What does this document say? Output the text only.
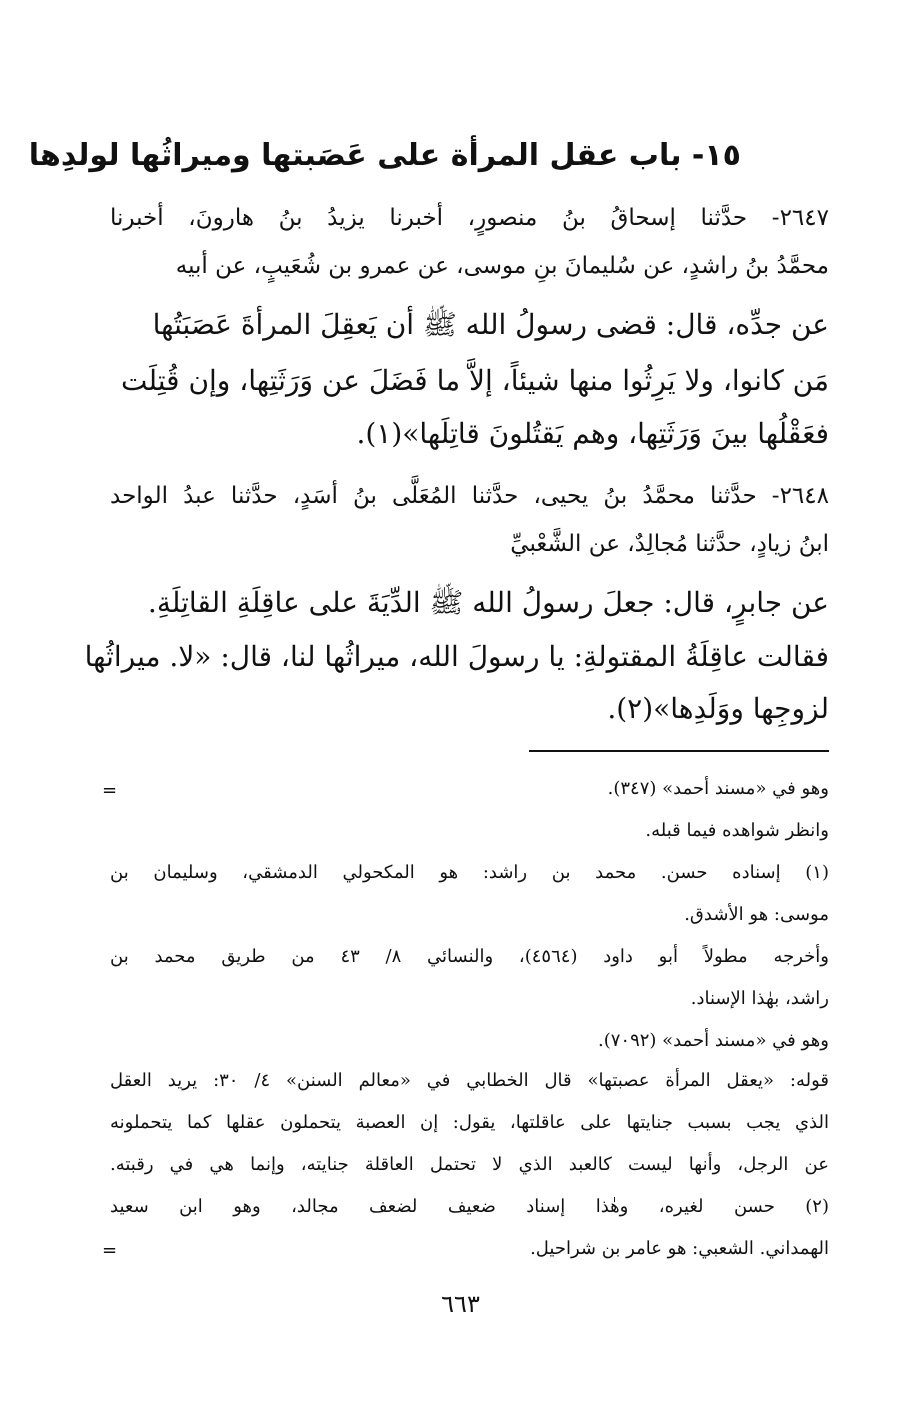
١٥- باب عقل المرأة على عَصَبتها وميراثُها لولدِها
٢٦٤٧- حدَّثنا إسحاقُ بنُ منصورٍ، أخبرنا يزيدُ بنُ هارونَ، أخبرنا
محمَّدُ بنُ راشدٍ، عن سُليمانَ بنِ موسى، عن عمرو بن شُعَيبٍ، عن أبيه
عن جدِّه، قال: قضى رسولُ الله ﷺ أن يَعقِلَ المرأةَ عَصَبَتُها
مَن كانوا، ولا يَرِثُوا منها شيئاً، إلاَّ ما فَضَلَ عن وَرَثَتِها، وإن قُتِلَت
فعَقْلُها بينَ وَرَثَتِها، وهم يَقتُلونَ قاتِلَها»(١).
٢٦٤٨- حدَّثنا محمَّدُ بنُ يحيى، حدَّثنا المُعَلَّى بنُ أسَدٍ، حدَّثنا عبدُ الواحد
ابنُ زيادٍ، حدَّثنا مُجالِدٌ، عن الشَّعْبيِّ
عن جابرٍ، قال: جعلَ رسولُ الله ﷺ الدِّيَةَ على عاقِلَةِ القاتِلَةِ.
فقالت عاقِلَةُ المقتولةِ: يا رسولَ الله، ميراثُها لنا، قال: «لا. ميراثُها
لزوجِها ووَلَدِها»(٢).
=	وهو في «مسند أحمد» (٣٤٧).
وانظر شواهده فيما قبله.
(١) إسناده حسن. محمد بن راشد: هو المكحولي الدمشقي، وسليمان بن
موسى: هو الأشدق.
وأخرجه مطولاً أبو داود (٤٥٦٤)، والنسائي ٨/ ٤٣ من طريق محمد بن
راشد، بهٰذا الإسناد.
وهو في «مسند أحمد» (٧٠٩٢).
قوله: «يعقل المرأة عصبتها» قال الخطابي في «معالم السنن» ٤/ ٣٠: يريد العقل
الذي يجب بسبب جنايتها على عاقلتها، يقول: إن العصبة يتحملون عقلها كما يتحملونه
عن الرجل، وأنها ليست كالعبد الذي لا تحتمل العاقلة جنايته، وإنما هي في رقبته.
(٢) حسن لغيره، وهٰذا إسناد ضعيف لضعف مجالد، وهو ابن سعيد
الهمداني. الشعبي: هو عامر بن شراحيل.
=
٦٦٣
